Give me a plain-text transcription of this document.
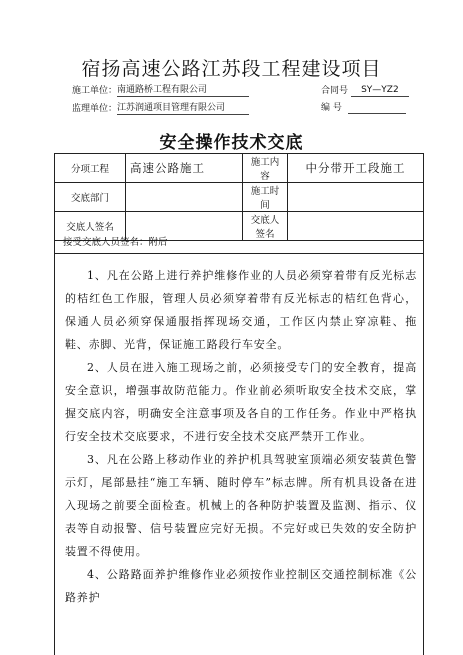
宿扬高速公路江苏段工程建设项目
施工单位：南通路桥工程有限公司	合同号 SY—YZ2
监理单位：江苏润通项目管理有限公司	编 号
安全操作技术交底
分项工程	高速公路施工	施工内容	中分带开工段施工
交底部门		施工时间	
交底人签名		交底人签名	
接受交底人员签名：附后

1、凡在公路上进行养护维修作业的人员必须穿着带有反光标志的桔红色工作服，管理人员必须穿着带有反光标志的桔红色背心，保通人员必须穿保通服指挥现场交通，工作区内禁止穿凉鞋、拖鞋、赤脚、光背，保证施工路段行车安全。

2、人员在进入施工现场之前，必须接受专门的安全教育，提高安全意识，增强事故防范能力。作业前必须听取安全技术交底，掌握交底内容，明确安全注意事项及各自的工作任务。作业中严格执行安全技术交底要求，不进行安全技术交底严禁开工作业。

3、凡在公路上移动作业的养护机具驾驶室顶端必须安装黄色警示灯，尾部悬挂“施工车辆、随时停车”标志牌。所有机具设备在进入现场之前要全面检查。机械上的各种防护装置及监测、指示、仪表等自动报警、信号装置应完好无损。不完好或已失效的安全防护装置不得使用。

4、公路路面养护维修作业必须按作业控制区交通控制标准《公路养护
